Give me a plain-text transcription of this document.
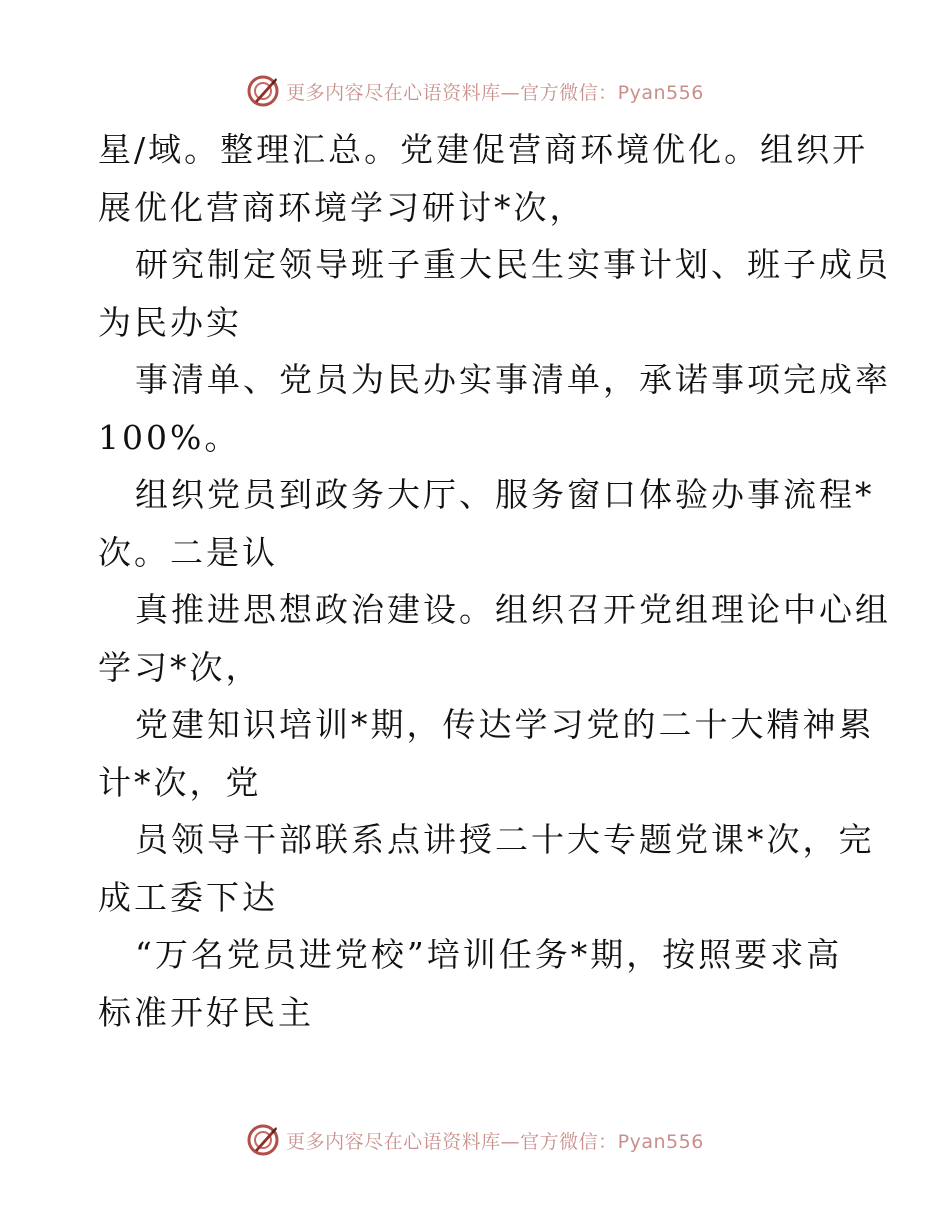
更多内容尽在心语资料库—官方微信：Pyan556
星/域。整理汇总。党建促营商环境优化。组织开
展优化营商环境学习研讨*次，
研究制定领导班子重大民生实事计划、班子成员
为民办实
事清单、党员为民办实事清单，承诺事项完成率
100%。
组织党员到政务大厅、服务窗口体验办事流程*
次。二是认
真推进思想政治建设。组织召开党组理论中心组
学习*次，
党建知识培训*期，传达学习党的二十大精神累
计*次，党
员领导干部联系点讲授二十大专题党课*次，完
成工委下达
“万名党员进党校”培训任务*期，按照要求高
标准开好民主
更多内容尽在心语资料库—官方微信：Pyan556
